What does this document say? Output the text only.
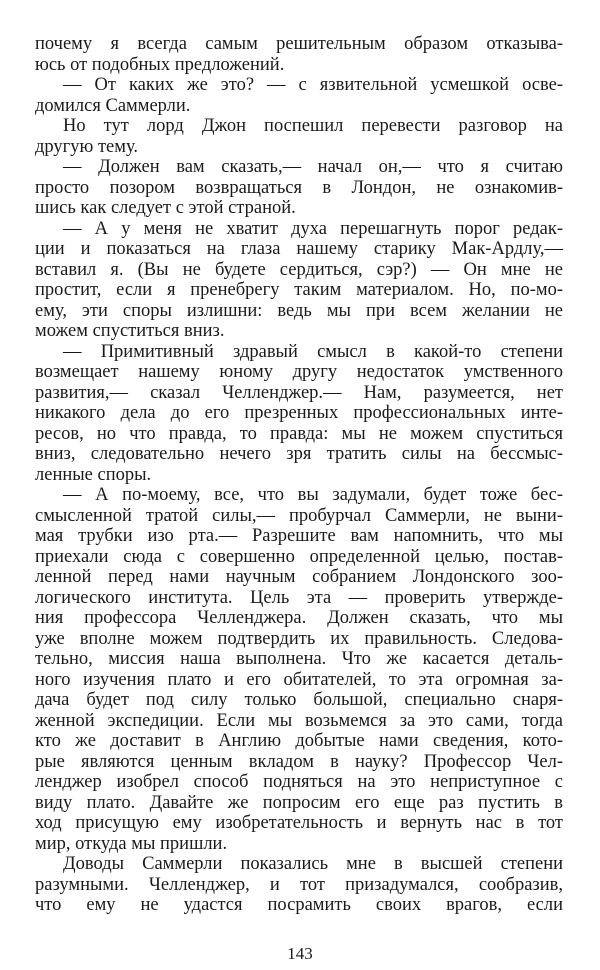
почему я всегда самым решительным образом отказыва-
юсь от подобных предложений.
— От каких же это? — с язвительной усмешкой осве-
домился Саммерли.
Но тут лорд Джон поспешил перевести разговор на
другую тему.
— Должен вам сказать,— начал он,— что я считаю
просто позором возвращаться в Лондон, не ознакомив-
шись как следует с этой страной.
— А у меня не хватит духа перешагнуть порог редак-
ции и показаться на глаза нашему старику Мак-Ардлу,—
вставил я. (Вы не будете сердиться, сэр?) — Он мне не
простит, если я пренебрегу таким материалом. Но, по-мо-
ему, эти споры излишни: ведь мы при всем желании не
можем спуститься вниз.
— Примитивный здравый смысл в какой-то степени
возмещает нашему юному другу недостаток умственного
развития,— сказал Челленджер.— Нам, разумеется, нет
никакого дела до его презренных профессиональных инте-
ресов, но что правда, то правда: мы не можем спуститься
вниз, следовательно нечего зря тратить силы на бессмыс-
ленные споры.
— А по-моему, все, что вы задумали, будет тоже бес-
смысленной тратой силы,— пробурчал Саммерли, не выни-
мая трубки изо рта.— Разрешите вам напомнить, что мы
приехали сюда с совершенно определенной целью, постав-
ленной перед нами научным собранием Лондонского зоо-
логического института. Цель эта — проверить утвержде-
ния профессора Челленджера. Должен сказать, что мы
уже вполне можем подтвердить их правильность. Следова-
тельно, миссия наша выполнена. Что же касается деталь-
ного изучения плато и его обитателей, то эта огромная за-
дача будет под силу только большой, специально снаря-
женной экспедиции. Если мы возьмемся за это сами, тогда
кто же доставит в Англию добытые нами сведения, кото-
рые являются ценным вкладом в науку? Профессор Чел-
ленджер изобрел способ подняться на это неприступное с
виду плато. Давайте же попросим его еще раз пустить в
ход присущую ему изобретательность и вернуть нас в тот
мир, откуда мы пришли.
Доводы Саммерли показались мне в высшей степени
разумными. Челленджер, и тот призадумался, сообразив,
что ему не удастся посрамить своих врагов, если
143
